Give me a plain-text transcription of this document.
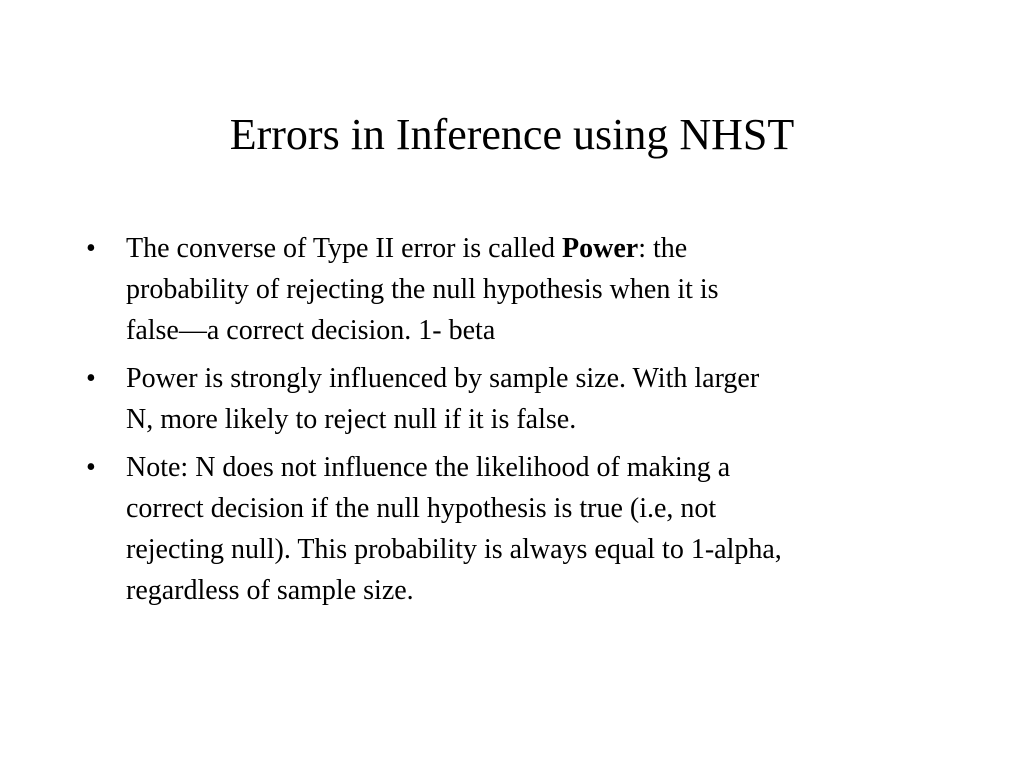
Errors in Inference using NHST
•	The converse of Type II error is called Power: the
probability of rejecting the null hypothesis when it is
false—a correct decision. 1- beta
•	Power is strongly influenced by sample size. With larger
N, more likely to reject null if it is false.
•	Note: N does not influence the likelihood of making a
correct decision if the null hypothesis is true (i.e, not
rejecting null). This probability is always equal to 1-alpha,
regardless of sample size.
